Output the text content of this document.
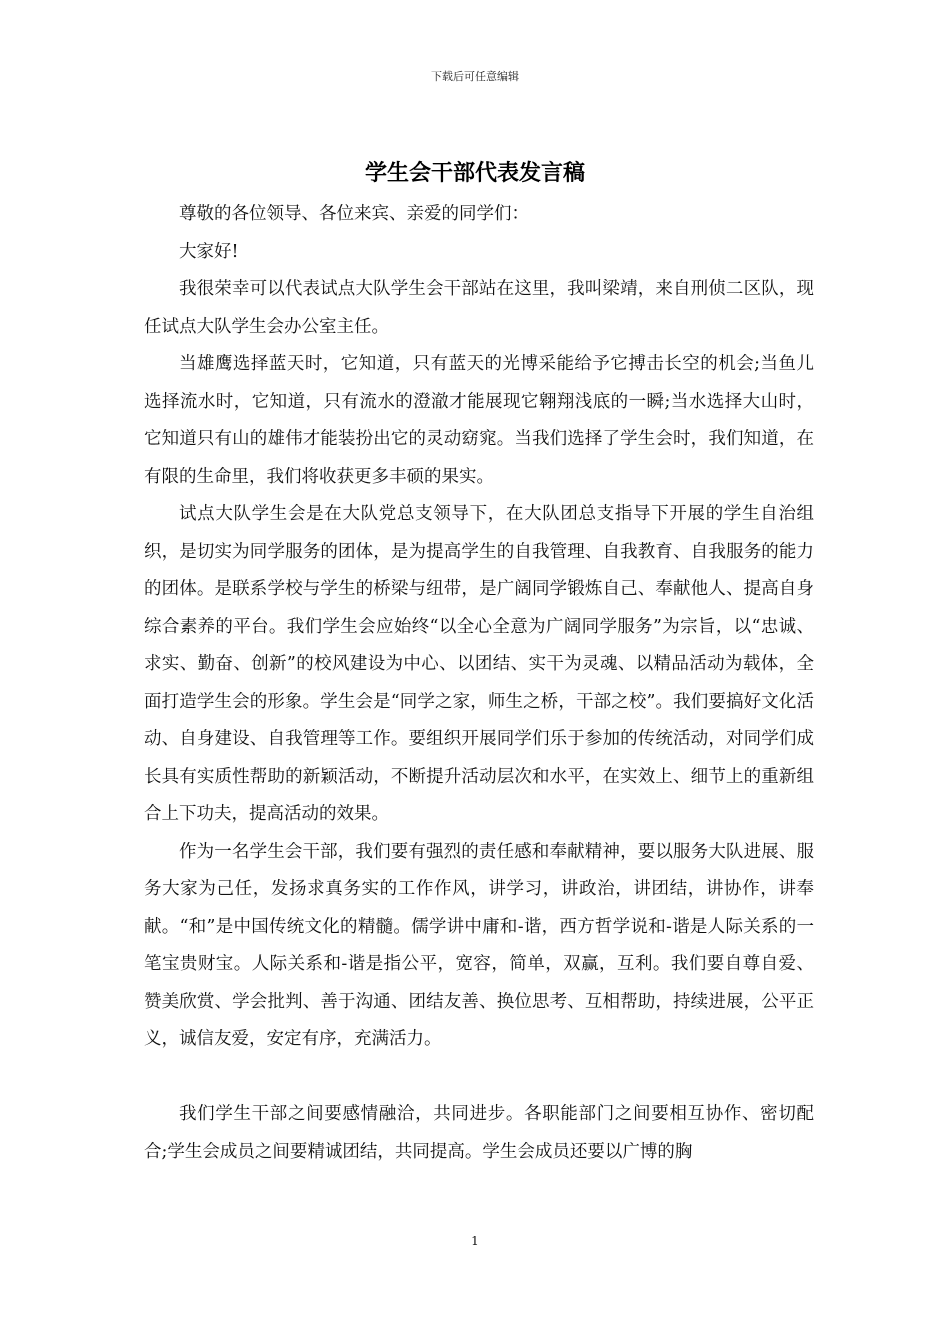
下载后可任意编辑
学生会干部代表发言稿

尊敬的各位领导、各位来宾、亲爱的同学们：

大家好!

我很荣幸可以代表试点大队学生会干部站在这里，我叫梁靖，来自刑侦二区队，现任试点大队学生会办公室主任。

当雄鹰选择蓝天时，它知道，只有蓝天的光博采能给予它搏击长空的机会;当鱼儿选择流水时，它知道，只有流水的澄澈才能展现它翱翔浅底的一瞬;当水选择大山时，它知道只有山的雄伟才能装扮出它的灵动窈窕。当我们选择了学生会时，我们知道，在有限的生命里，我们将收获更多丰硕的果实。

试点大队学生会是在大队党总支领导下，在大队团总支指导下开展的学生自治组织，是切实为同学服务的团体，是为提高学生的自我管理、自我教育、自我服务的能力的团体。是联系学校与学生的桥梁与纽带，是广阔同学锻炼自己、奉献他人、提高自身综合素养的平台。我们学生会应始终“以全心全意为广阔同学服务”为宗旨，以“忠诚、求实、勤奋、创新”的校风建设为中心、以团结、实干为灵魂、以精品活动为载体，全面打造学生会的形象。学生会是“同学之家，师生之桥，干部之校”。我们要搞好文化活动、自身建设、自我管理等工作。要组织开展同学们乐于参加的传统活动，对同学们成长具有实质性帮助的新颖活动，不断提升活动层次和水平，在实效上、细节上的重新组合上下功夫，提高活动的效果。

作为一名学生会干部，我们要有强烈的责任感和奉献精神，要以服务大队进展、服务大家为己任，发扬求真务实的工作作风，讲学习，讲政治，讲团结，讲协作，讲奉献。“和”是中国传统文化的精髓。儒学讲中庸和-谐，西方哲学说和-谐是人际关系的一笔宝贵财宝。人际关系和-谐是指公平，宽容，简单，双赢，互利。我们要自尊自爱、赞美欣赏、学会批判、善于沟通、团结友善、换位思考、互相帮助，持续进展，公平正义，诚信友爱，安定有序，充满活力。

我们学生干部之间要感情融洽，共同进步。各职能部门之间要相互协作、密切配合;学生会成员之间要精诚团结，共同提高。学生会成员还要以广博的胸

1
